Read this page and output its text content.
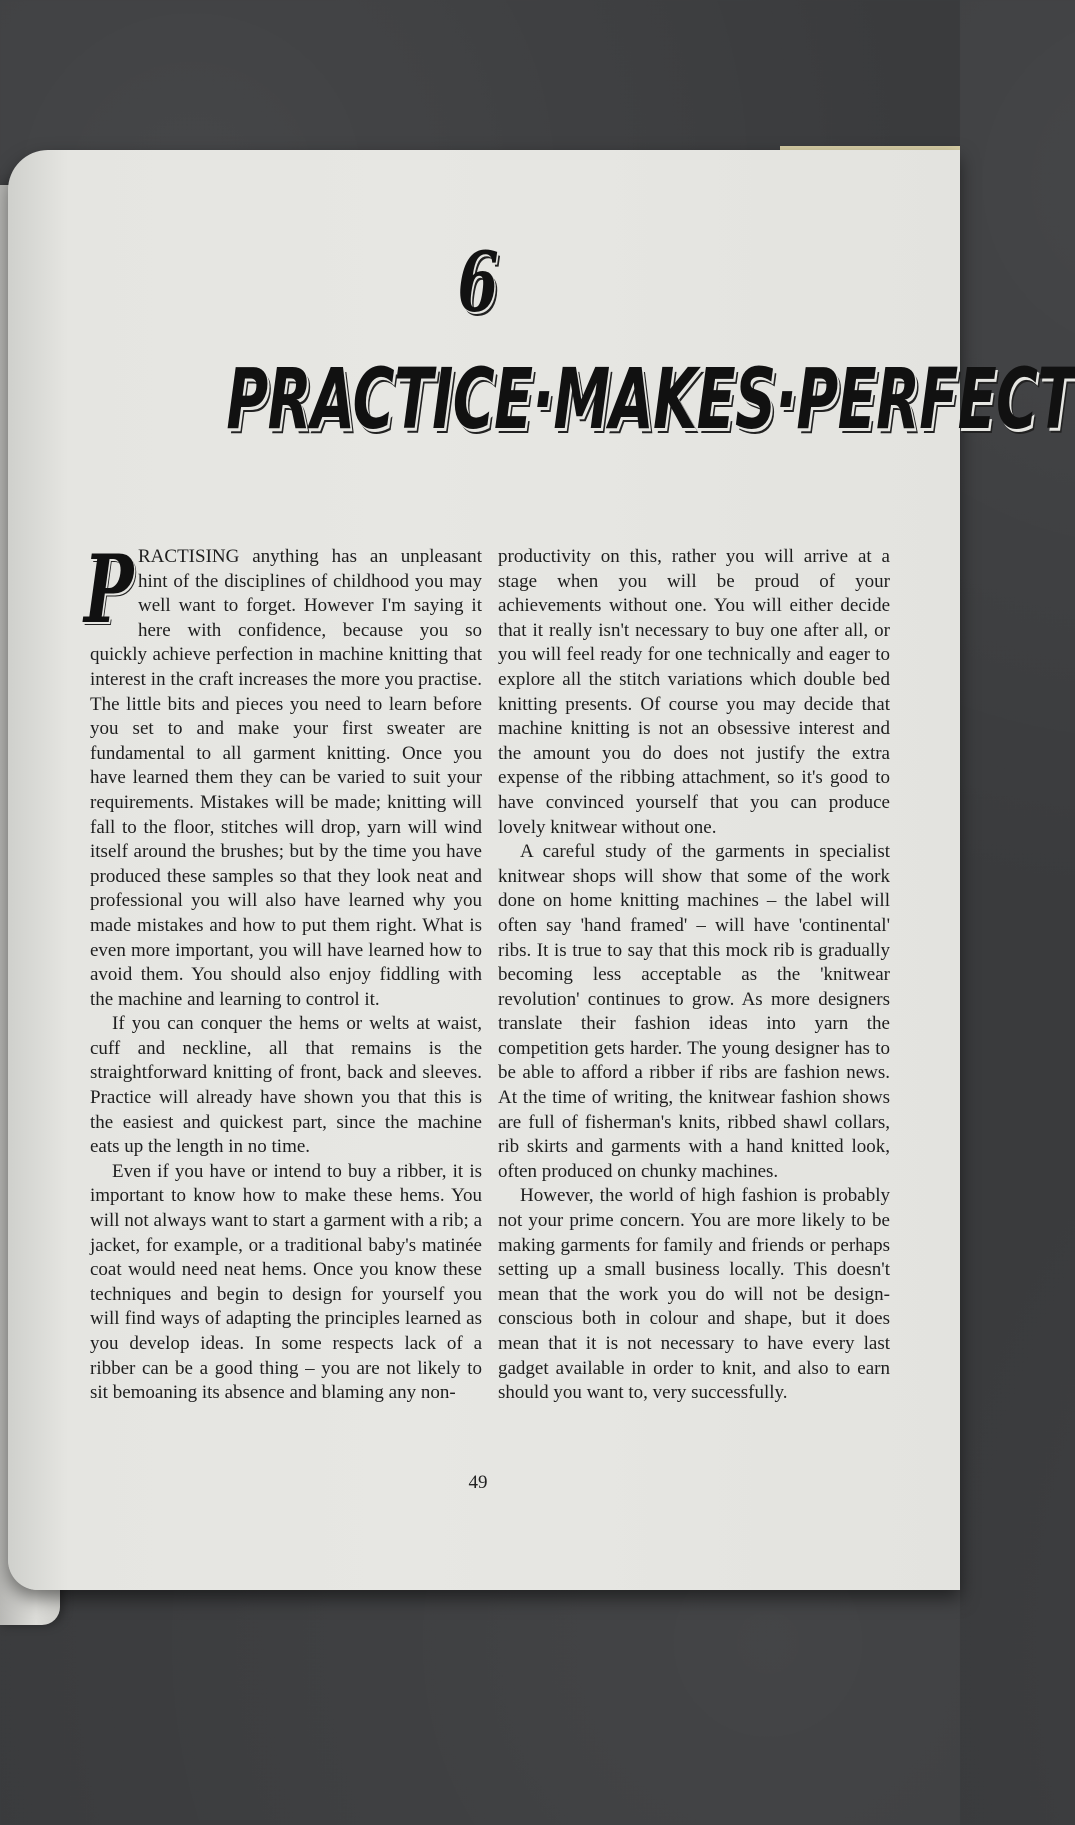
6
PRACTICE·MAKES·PERFECT

PRACTISING anything has an unpleasant hint of the disciplines of childhood you may well want to forget. However I'm saying it here with confidence, because you so quickly achieve perfection in machine knitting that interest in the craft increases the more you practise. The little bits and pieces you need to learn before you set to and make your first sweater are fundamental to all garment knitting. Once you have learned them they can be varied to suit your requirements. Mistakes will be made; knitting will fall to the floor, stitches will drop, yarn will wind itself around the brushes; but by the time you have produced these samples so that they look neat and professional you will also have learned why you made mistakes and how to put them right. What is even more important, you will have learned how to avoid them. You should also enjoy fiddling with the machine and learning to control it.

If you can conquer the hems or welts at waist, cuff and neckline, all that remains is the straightforward knitting of front, back and sleeves. Practice will already have shown you that this is the easiest and quickest part, since the machine eats up the length in no time.

Even if you have or intend to buy a ribber, it is important to know how to make these hems. You will not always want to start a garment with a rib; a jacket, for example, or a traditional baby's matinée coat would need neat hems. Once you know these techniques and begin to design for yourself you will find ways of adapting the principles learned as you develop ideas. In some respects lack of a ribber can be a good thing – you are not likely to sit bemoaning its absence and blaming any non-

productivity on this, rather you will arrive at a stage when you will be proud of your achievements without one. You will either decide that it really isn't necessary to buy one after all, or you will feel ready for one technically and eager to explore all the stitch variations which double bed knitting presents. Of course you may decide that machine knitting is not an obsessive interest and the amount you do does not justify the extra expense of the ribbing attachment, so it's good to have convinced yourself that you can produce lovely knitwear without one.

A careful study of the garments in specialist knitwear shops will show that some of the work done on home knitting machines – the label will often say 'hand framed' – will have 'continental' ribs. It is true to say that this mock rib is gradually becoming less acceptable as the 'knitwear revolution' continues to grow. As more designers translate their fashion ideas into yarn the competition gets harder. The young designer has to be able to afford a ribber if ribs are fashion news. At the time of writing, the knitwear fashion shows are full of fisherman's knits, ribbed shawl collars, rib skirts and garments with a hand knitted look, often produced on chunky machines.

However, the world of high fashion is probably not your prime concern. You are more likely to be making garments for family and friends or perhaps setting up a small business locally. This doesn't mean that the work you do will not be design-conscious both in colour and shape, but it does mean that it is not necessary to have every last gadget available in order to knit, and also to earn should you want to, very successfully.

49
